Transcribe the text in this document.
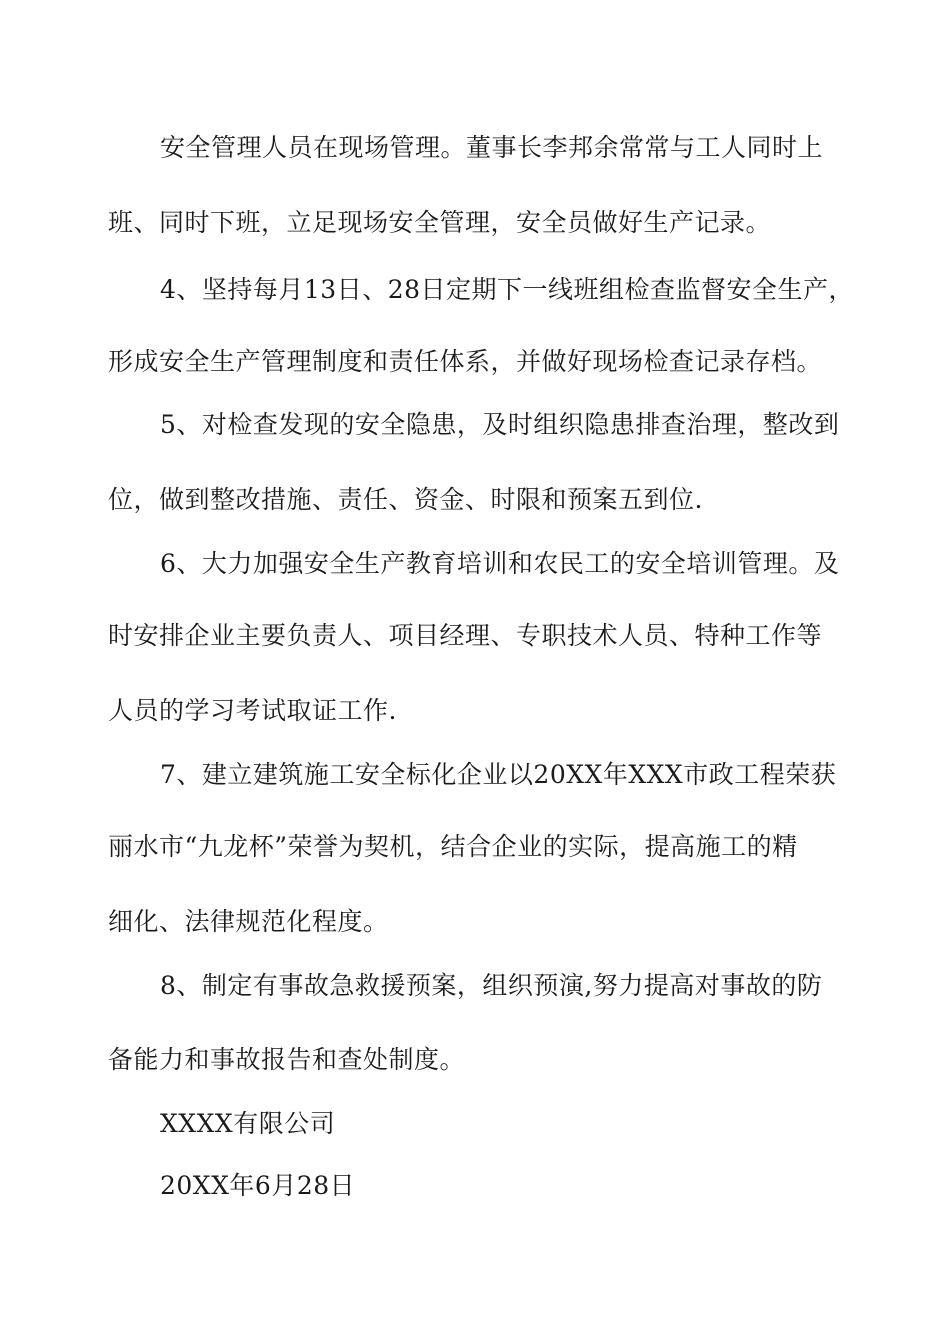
安全管理人员在现场管理。董事长李邦余常常与工人同时上
班、同时下班，立足现场安全管理，安全员做好生产记录。
4、坚持每月13日、28日定期下一线班组检查监督安全生产，
形成安全生产管理制度和责任体系，并做好现场检查记录存档。
5、对检查发现的安全隐患，及时组织隐患排查治理，整改到
位，做到整改措施、责任、资金、时限和预案五到位.
6、大力加强安全生产教育培训和农民工的安全培训管理。及
时安排企业主要负责人、项目经理、专职技术人员、特种工作等
人员的学习考试取证工作.
7、建立建筑施工安全标化企业以20XX年XXX市政工程荣获
丽水市“九龙杯”荣誉为契机，结合企业的实际，提高施工的精
细化、法律规范化程度。
8、制定有事故急救援预案，组织预演,努力提高对事故的防
备能力和事故报告和查处制度。
XXXX有限公司
20XX年6月28日
